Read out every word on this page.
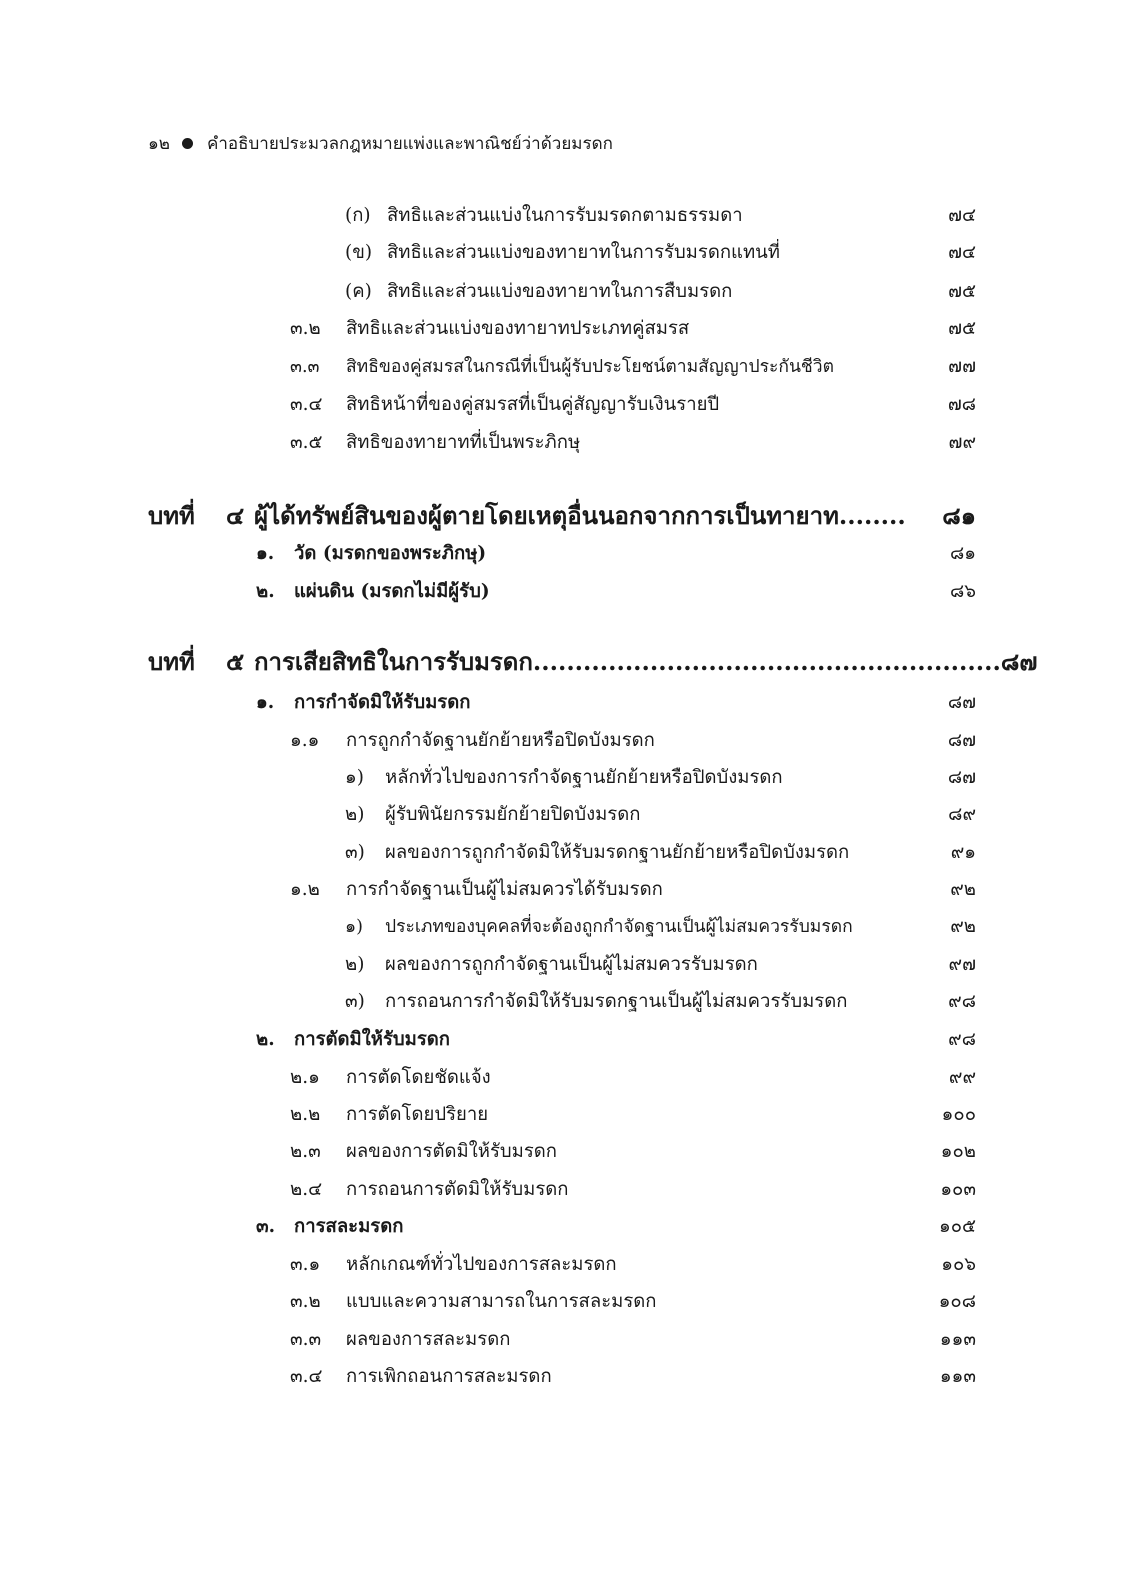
๑๒ คำอธิบายประมวลกฎหมายแพ่งและพาณิชย์ว่าด้วยมรดก
(ก) สิทธิและส่วนแบ่งในการรับมรดกตามธรรมดา	๗๔
(ข) สิทธิและส่วนแบ่งของทายาทในการรับมรดกแทนที่	๗๔
(ค) สิทธิและส่วนแบ่งของทายาทในการสืบมรดก	๗๕
๓.๒ สิทธิและส่วนแบ่งของทายาทประเภทคู่สมรส	๗๕
๓.๓ สิทธิของคู่สมรสในกรณีที่เป็นผู้รับประโยชน์ตามสัญญาประกันชีวิต	๗๗
๓.๔ สิทธิหน้าที่ของคู่สมรสที่เป็นคู่สัญญารับเงินรายปี	๗๘
๓.๕ สิทธิของทายาทที่เป็นพระภิกษุ	๗๙
บทที่ ๔ ผู้ได้ทรัพย์สินของผู้ตายโดยเหตุอื่นนอกจากการเป็นทายาท ........	๘๑
๑. วัด (มรดกของพระภิกษุ)	๘๑
๒. แผ่นดิน (มรดกไม่มีผู้รับ)	๘๖
บทที่ ๕ การเสียสิทธิในการรับมรดก ........................................................ ๘๗
๑. การกำจัดมิให้รับมรดก	๘๗
๑.๑ การถูกกำจัดฐานยักย้ายหรือปิดบังมรดก	๘๗
๑) หลักทั่วไปของการกำจัดฐานยักย้ายหรือปิดบังมรดก	๘๗
๒) ผู้รับพินัยกรรมยักย้ายปิดบังมรดก	๘๙
๓) ผลของการถูกกำจัดมิให้รับมรดกฐานยักย้ายหรือปิดบังมรดก	๙๑
๑.๒ การกำจัดฐานเป็นผู้ไม่สมควรได้รับมรดก	๙๒
๑) ประเภทของบุคคลที่จะต้องถูกกำจัดฐานเป็นผู้ไม่สมควรรับมรดก	๙๒
๒) ผลของการถูกกำจัดฐานเป็นผู้ไม่สมควรรับมรดก	๙๗
๓) การถอนการกำจัดมิให้รับมรดกฐานเป็นผู้ไม่สมควรรับมรดก	๙๘
๒. การตัดมิให้รับมรดก	๙๘
๒.๑ การตัดโดยชัดแจ้ง	๙๙
๒.๒ การตัดโดยปริยาย	๑๐๐
๒.๓ ผลของการตัดมิให้รับมรดก	๑๐๒
๒.๔ การถอนการตัดมิให้รับมรดก	๑๐๓
๓. การสละมรดก	๑๐๕
๓.๑ หลักเกณฑ์ทั่วไปของการสละมรดก	๑๐๖
๓.๒ แบบและความสามารถในการสละมรดก	๑๐๘
๓.๓ ผลของการสละมรดก	๑๑๓
๓.๔ การเพิกถอนการสละมรดก	๑๑๓
